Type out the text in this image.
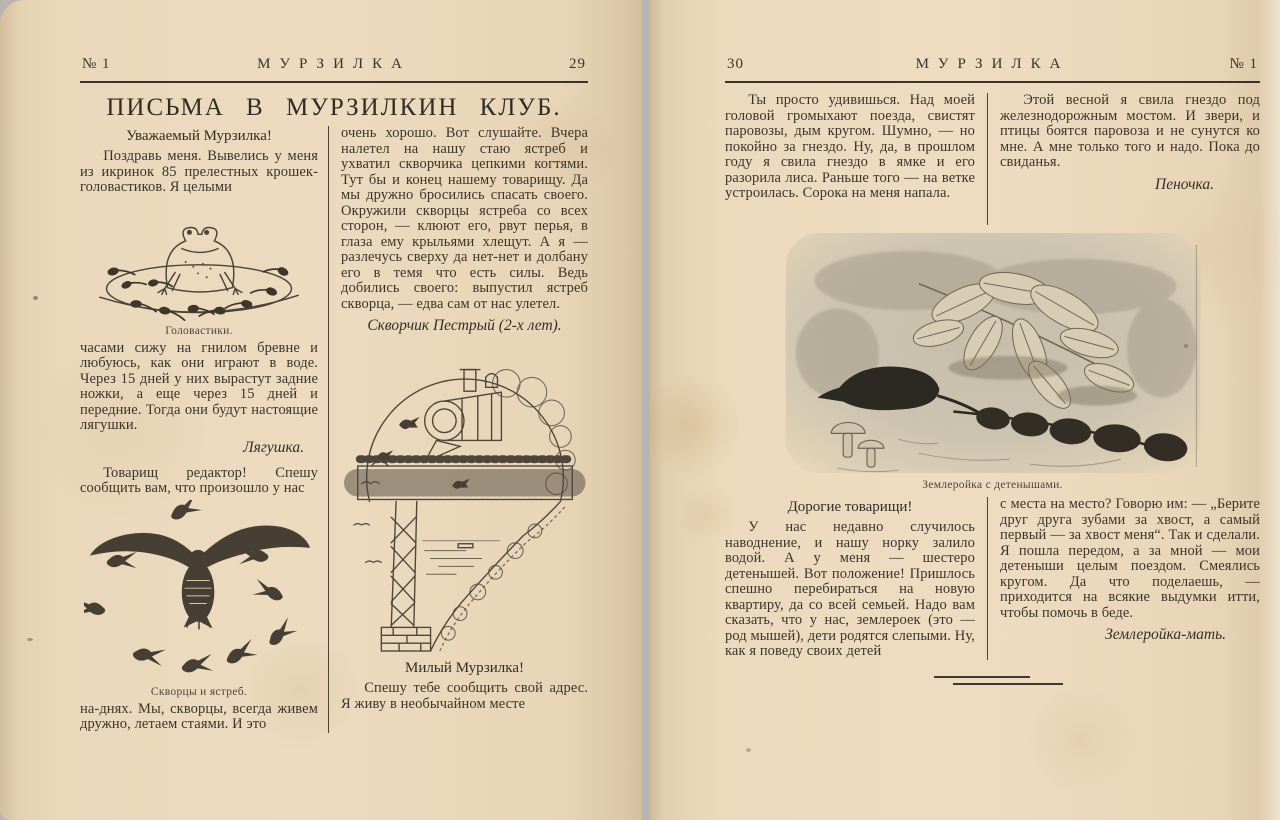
№ 1	МУРЗИЛКА	29
ПИСЬМА В МУРЗИЛКИН КЛУБ.
Уважаемый Мурзилка!

Поздравь меня. Вывелись у меня из икринок 85 прелестных крошек-головастиков. Я целыми

Головастики.

часами сижу на гнилом бревне и любуюсь, как они играют в воде. Через 15 дней у них вырастут задние ножки, а еще через 15 дней и передние. Тогда они будут настоящие лягушки.

Лягушка.

Товарищ редактор! Спешу сообщить вам, что произошло у нас

Скворцы и ястреб.

на-днях. Мы, скворцы, всегда живем дружно, летаем стаями. И это

очень хорошо. Вот слушайте. Вчера налетел на нашу стаю ястреб и ухватил скворчика цепкими когтями. Тут бы и конец нашему товарищу. Да мы дружно бросились спасать своего. Окружили скворцы ястреба со всех сторон, — клюют его, рвут перья, в глаза ему крыльями хлещут. А я — разлечусь сверху да нет-нет и долбану его в темя что есть силы. Ведь добились своего: выпустил ястреб скворца, — едва сам от нас улетел.

Скворчик Пестрый (2-х лет).
Милый Мурзилка!

Спешу тебе сообщить свой адрес. Я живу в необычайном месте

30	МУРЗИЛКА	№ 1

Ты просто удивишься. Над моей головой громыхают поезда, свистят паровозы, дым кругом. Шумно, — но покойно за гнездо. Ну, да, в прошлом году я свила гнездо в ямке и его разорила лиса. Раньше того — на ветке устроилась. Сорока на меня напала.

Этой весной я свила гнездо под железнодорожным мостом. И звери, и птицы боятся паровоза и не сунутся ко мне. А мне только того и надо. Пока до свиданья.

Пеночка.
Землеройка с детенышами.
Дорогие товарищи!

У нас недавно случилось наводнение, и нашу норку залило водой. А у меня — шестеро детенышей. Вот положение! Пришлось спешно перебираться на новую квартиру, да со всей семьей. Надо вам сказать, что у нас, землероек (это — род мышей), дети родятся слепыми. Ну, как я поведу своих детей

с места на место? Говорю им: — „Берите друг друга зубами за хвост, а самый первый — за хвост меня“. Так и сделали. Я пошла передом, а за мной — мои детеныши целым поездом. Смеялись кругом. Да что поделаешь, — приходится на всякие выдумки итти, чтобы помочь в беде.

Землеройка-мать.
